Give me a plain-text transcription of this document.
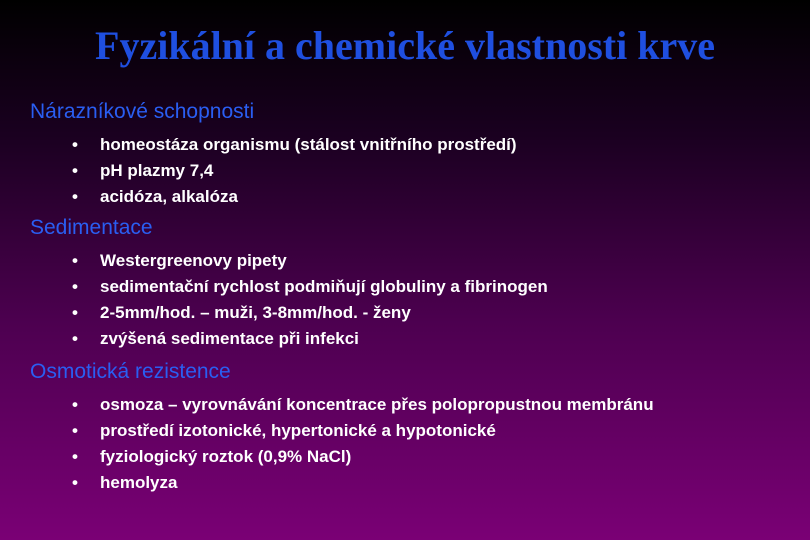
Fyzikální a chemické vlastnosti krve
Nárazníkové schopnosti
•	homeostáza organismu (stálost vnitřního prostředí)
•	pH plazmy 7,4
•	acidóza, alkalóza
Sedimentace
•	Westergreenovy pipety
•	sedimentační rychlost podmiňují globuliny a fibrinogen
•	2-5mm/hod. – muži, 3-8mm/hod. - ženy
•	zvýšená sedimentace při infekci
Osmotická rezistence
•	osmoza – vyrovnávání koncentrace přes polopropustnou membránu
•	prostředí izotonické, hypertonické a hypotonické
•	fyziologický roztok (0,9% NaCl)
•	hemolyza
